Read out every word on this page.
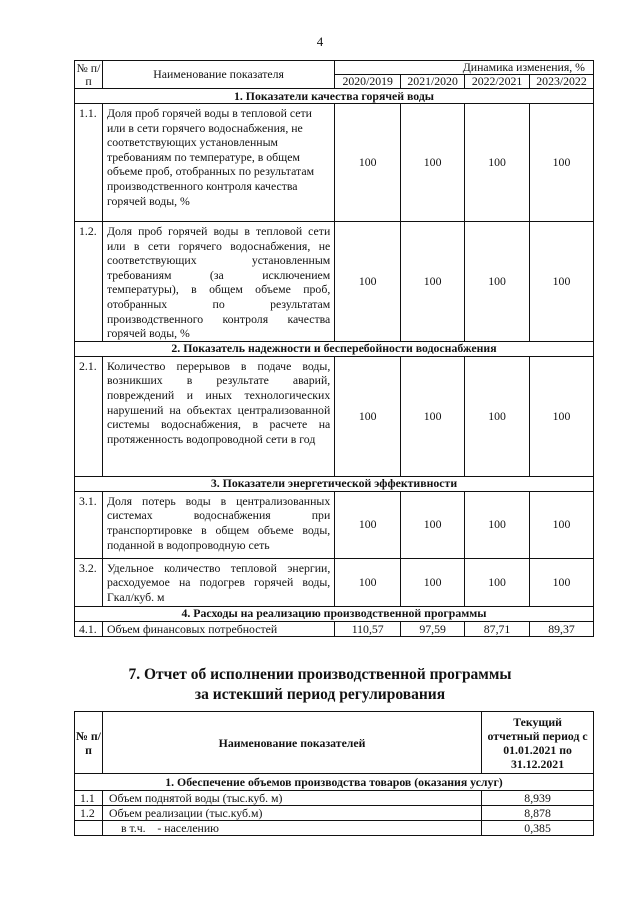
4
№ п/п	Наименование показателя	Динамика изменения, %			
		2020/2019	2021/2020	2022/2021	2023/2022
1. Показатели качества горячей воды					
1.1.	Доля проб горячей воды в тепловой сети или в сети горячего водоснабжения, не соответствующих установленным требованиям по температуре, в общем объеме проб, отобранных по результатам производственного контроля качества горячей воды, %	100	100	100	100
1.2.	Доля проб горячей воды в тепловой сети или в сети горячего водоснабжения, не соответствующих установленным требованиям (за исключением температуры), в общем объеме проб, отобранных по результатам производственного контроля качества горячей воды, %	100	100	100	100
2. Показатель надежности и бесперебойности водоснабжения					
2.1.	Количество перерывов в подаче воды, возникших в результате аварий, повреждений и иных технологических нарушений на объектах централизованной системы водоснабжения, в расчете на протяженность водопроводной сети в год	100	100	100	100
3. Показатели энергетической эффективности					
3.1.	Доля потерь воды в централизованных системах водоснабжения при транспортировке в общем объеме воды, поданной в водопроводную сеть	100	100	100	100
3.2.	Удельное количество тепловой энергии, расходуемое на подогрев горячей воды, Гкал/куб. м	100	100	100	100
4. Расходы на реализацию производственной программы					
4.1.	Объем финансовых потребностей	110,57	97,59	87,71	89,37
7. Отчет об исполнении производственной программы
за истекший период регулирования
№ п/п	Наименование показателей	Текущий отчетный период с 01.01.2021 по 31.12.2021
1. Обеспечение объемов производства товаров (оказания услуг)		
1.1	Объем поднятой воды (тыс.куб. м)	8,939
1.2	Объем реализации (тыс.куб.м)	8,878
	в т.ч.    - населению	0,385
